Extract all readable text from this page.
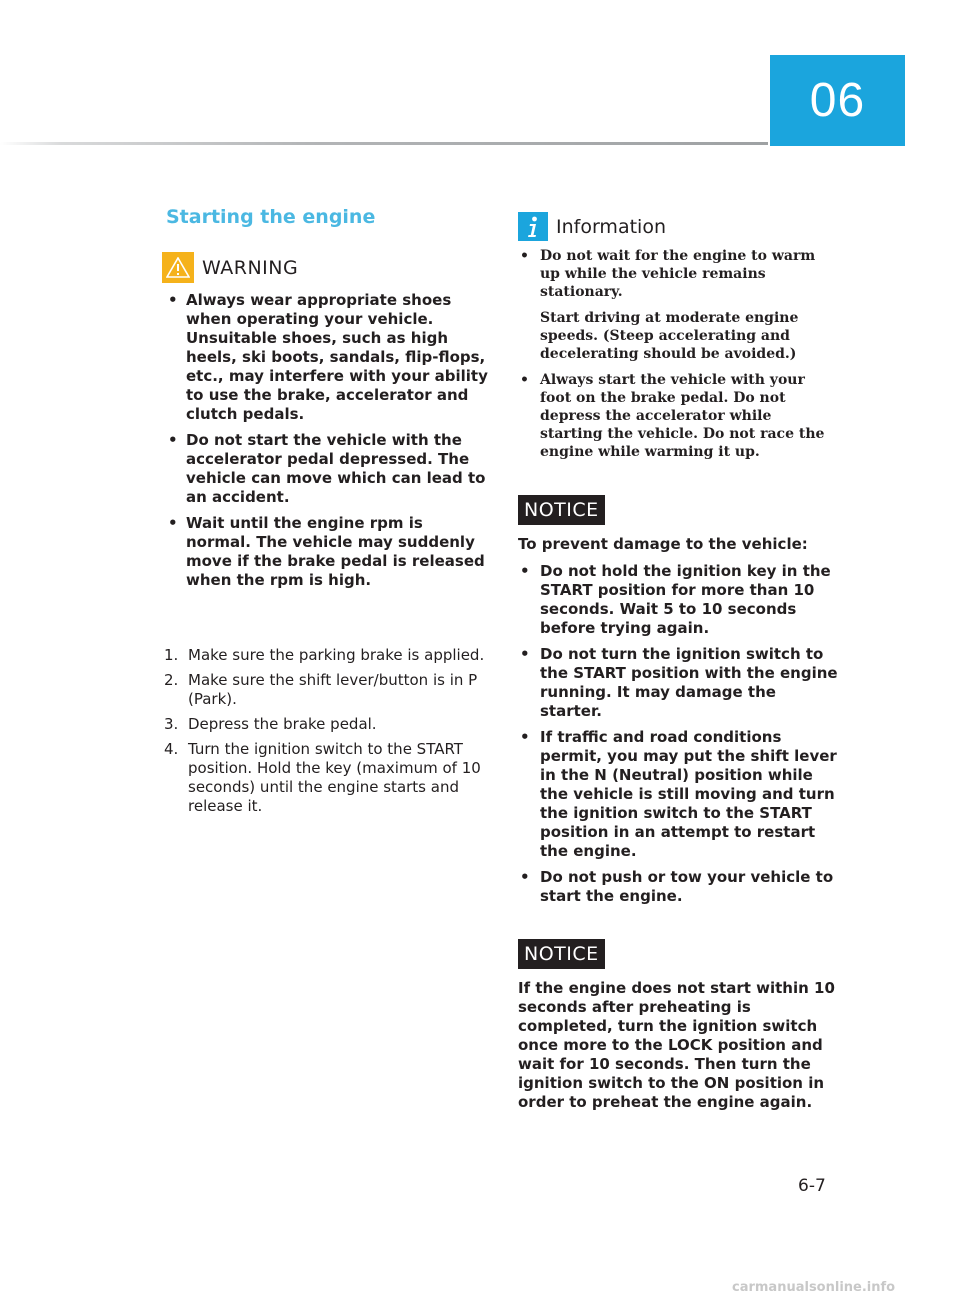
06
Starting the engine
WARNING
• Always wear appropriate shoes when operating your vehicle. Unsuitable shoes, such as high heels, ski boots, sandals, flip-flops, etc., may interfere with your ability to use the brake, accelerator and clutch pedals.
• Do not start the vehicle with the accelerator pedal depressed. The vehicle can move which can lead to an accident.
• Wait until the engine rpm is normal. The vehicle may suddenly move if the brake pedal is released when the rpm is high.
1. Make sure the parking brake is applied.
2. Make sure the shift lever/button is in P (Park).
3. Depress the brake pedal.
4. Turn the ignition switch to the START position. Hold the key (maximum of 10 seconds) until the engine starts and release it.
Information
• Do not wait for the engine to warm up while the vehicle remains stationary.
Start driving at moderate engine speeds. (Steep accelerating and decelerating should be avoided.)
• Always start the vehicle with your foot on the brake pedal. Do not depress the accelerator while starting the vehicle. Do not race the engine while warming it up.
NOTICE

To prevent damage to the vehicle:

• Do not hold the ignition key in the START position for more than 10 seconds. Wait 5 to 10 seconds before trying again.
• Do not turn the ignition switch to the START position with the engine running. It may damage the starter.
• If traffic and road conditions permit, you may put the shift lever in the N (Neutral) position while the vehicle is still moving and turn the ignition switch to the START position in an attempt to restart the engine.
• Do not push or tow your vehicle to start the engine.
NOTICE

If the engine does not start within 10 seconds after preheating is completed, turn the ignition switch once more to the LOCK position and wait for 10 seconds. Then turn the ignition switch to the ON position in order to preheat the engine again.

6-7
carmanualsonline.info
